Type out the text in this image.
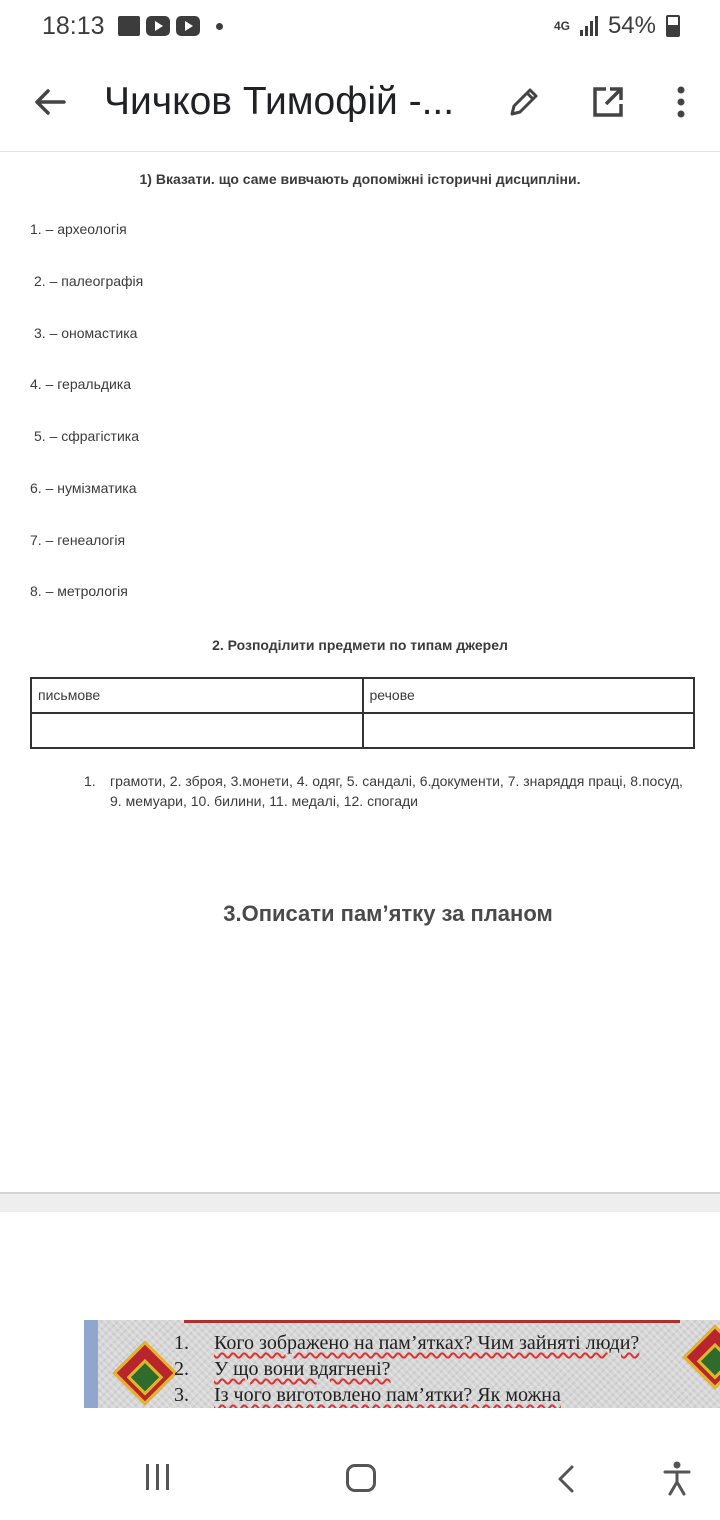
18:13	4G 54%
Чичков Тимофій -...
1) Вказати. що саме вивчають допоміжні історичні дисципліни.
1. – археологія
2. – палеографія
3. – ономастика
4. – геральдика
5. – сфрагістика
6. – нумізматика
7. – генеалогія
8. – метрологія
2. Розподілити предмети по типам джерел
письмове	речове

1.	грамоти, 2. зброя, 3.монети, 4. одяг, 5. сандалі, 6.документи, 7. знаряддя праці, 8.посуд, 9. мемуари, 10. билини, 11. медалі, 12. спогади
3.Описати пам’ятку за планом
1.	Кого зображено на пам’ятках? Чим зайняті люди?
2.	У що вони вдягнені?
3.	Із чого виготовлено пам’ятки? Як можна
